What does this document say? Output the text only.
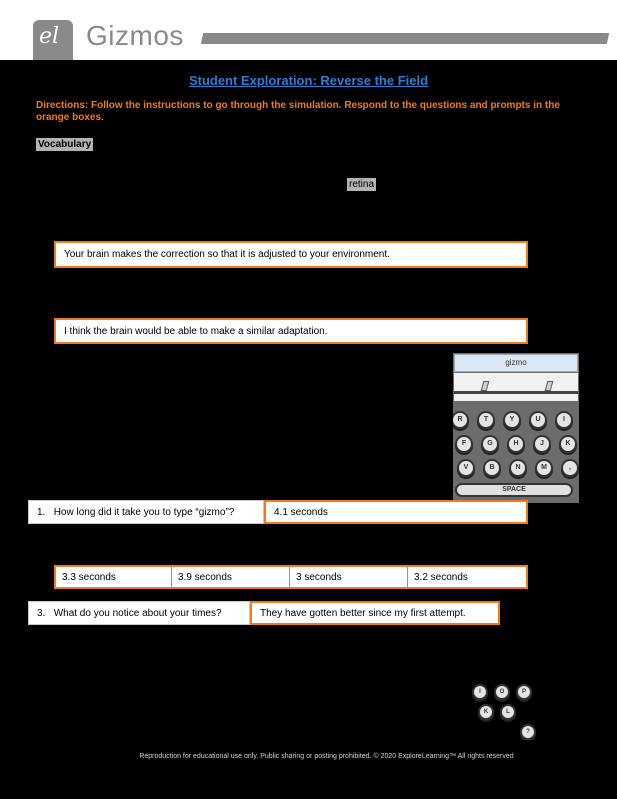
el Gizmos
Student Exploration: Reverse the Field
Directions: Follow the instructions to go through the simulation. Respond to the questions and prompts in the orange boxes.
Vocabulary
retina
Your brain makes the correction so that it is adjusted to your environment.
I think the brain would be able to make a similar adaptation.
gizmo
R	T	Y	U	I
F	G	H	J	K
V	B	N	M	,
SPACE
1.
How long did it take you to type “gizmo”?	4.1 seconds
3.3 seconds	3.9 seconds	3 seconds	3.2 seconds
3.
What do you notice about your times?	They have gotten better since my first attempt.
I	O	P
K	L
?
Reproduction for educational use only. Public sharing or posting prohibited. © 2020 ExploreLearning™ All rights reserved
